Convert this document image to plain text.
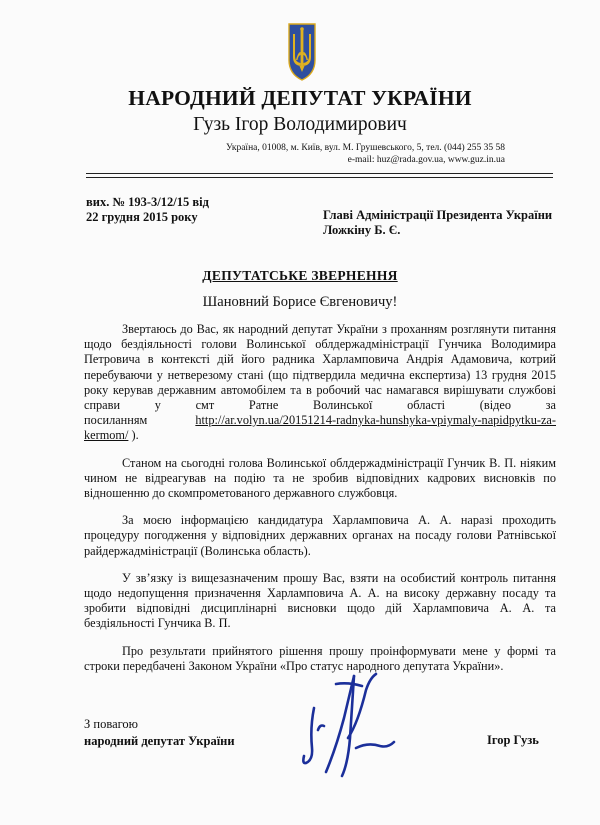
НАРОДНИЙ ДЕПУТАТ УКРАЇНИ
Гузь Ігор Володимирович
Україна, 01008, м. Київ, вул. М. Грушевського, 5, тел. (044) 255 35 58
e-mail: huz@rada.gov.ua, www.guz.in.ua
вих. № 193-3/12/15 від
22 грудня 2015 року	Главі Адміністрації Президента України
Ложкіну Б. Є.
ДЕПУТАТСЬКЕ ЗВЕРНЕННЯ
Шановний Борисе Євгеновичу!

Звертаюсь до Вас, як народний депутат України з проханням розглянути питання щодо бездіяльності голови Волинської облдержадміністрації Гунчика Володимира Петровича в контексті дій його радника Харлампoвича Андрія Адамовича, котрий перебуваючи у нетверезому стані (що підтвердила медична експертиза) 13 грудня 2015 року керував державним автомобілем та в робочий час намагався вирішувати службові справи у смт Ратне Волинської області (відео за посиланням	http://ar.volyn.ua/20151214-radnyka-hunshyka-vpiymaly-napidpytku-za-kermom/ ).

Станом на сьогодні голова Волинської облдержадміністрації Гунчик В. П. ніяким чином не відреагував на подію та не зробив відповідних кадрових висновків по відношенню до скомпрометованого державного службовця.

За моєю інформацією кандидатура Харлампoвича А. А. наразі проходить процедуру погодження у відповідних державних органах на посаду голови Ратнівської райдержадміністрації (Волинська область).

У зв’язку із вищезазначеним прошу Вас, взяти на особистий контроль питання щодо недопущення призначення Харлампoвича А. А. на високу державну посаду та зробити відповідні дисциплінарні висновки щодо дій Харлампoвича А. А. та бездіяльності Гунчика В. П.

Про результати прийнятого рішення прошу проінформувати мене у формі та строки передбачені Законом України «Про статус народного депутата України».

З повагою
народний депутат України	Ігор Гузь
